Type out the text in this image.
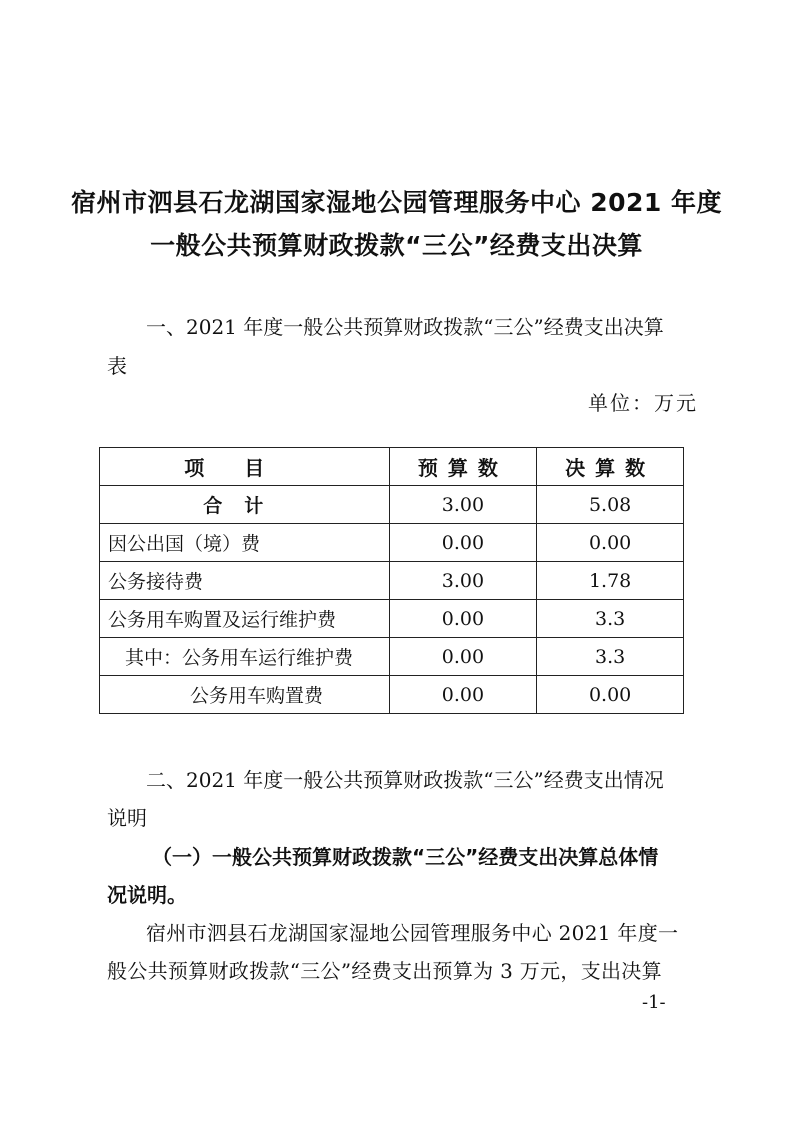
宿州市泗县石龙湖国家湿地公园管理服务中心 2021 年度
一般公共预算财政拨款“三公”经费支出决算
一、2021 年度一般公共预算财政拨款“三公”经费支出决算
表
单位：万元
项目	预算数	决算数
合计	3.00	5.08
因公出国（境）费	0.00	0.00
公务接待费	3.00	1.78
公务用车购置及运行维护费	0.00	3.3
其中：公务用车运行维护费	0.00	3.3
公务用车购置费	0.00	0.00
二、2021 年度一般公共预算财政拨款“三公”经费支出情况
说明
（一）一般公共预算财政拨款“三公”经费支出决算总体情
况说明。
宿州市泗县石龙湖国家湿地公园管理服务中心 2021 年度一
般公共预算财政拨款“三公”经费支出预算为 3 万元，支出决算
-1-
